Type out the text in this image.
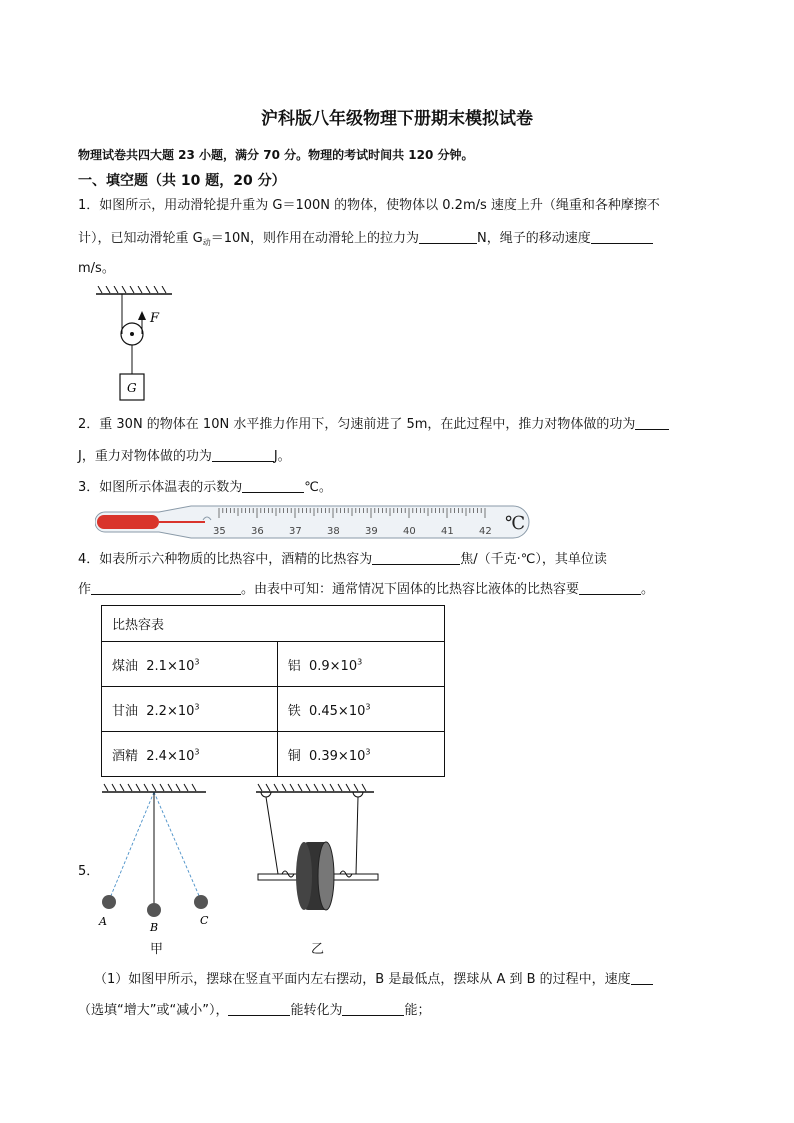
沪科版八年级物理下册期末模拟试卷
物理试卷共四大题 23 小题，满分 70 分。物理的考试时间共 120 分钟。
一、填空题（共 10 题，20 分）
1．如图所示，用动滑轮提升重为 G＝100N 的物体，使物体以 0.2m/s 速度上升（绳重和各种摩擦不
计），已知动滑轮重 $G_动=10N$，则作用在动滑轮上的拉力为	N，绳子的移动速度
m/s。
F
G
2．重 30N 的物体在 10N 水平推力作用下，匀速前进了 5m，在此过程中，推力对物体做的功为
J，重力对物体做的功为	J。
3．如图所示体温表的示数为	℃。
35	36	37	38	39	40	41	42 ℃
4．如表所示六种物质的比热容中，酒精的比热容为	焦/（千克·℃），其单位读
作	。由表中可知：通常情况下固体的比热容比液体的比热容要	。
比热容表	
煤油 $2.1\times 10^3$	铝 $0.9\times 10^3$
甘油 $2.2\times 10^3$	铁 $0.45\times 10^3$
酒精 $2.4\times 10^3$	铜 $0.39\times 10^3$
5．
A	B
C
甲	乙
（1）如图甲所示，摆球在竖直平面内左右摆动，B 是最低点，摆球从 A 到 B 的过程中，速度
（选填“增大”或“减小”），	能转化为	能；
